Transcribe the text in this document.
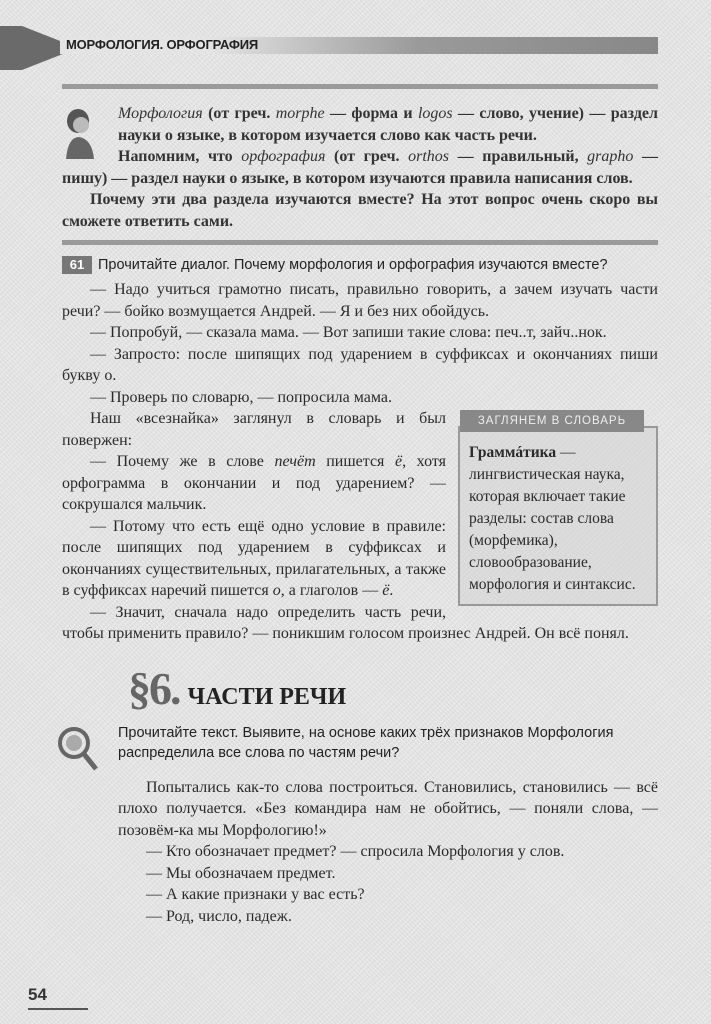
МОРФОЛОГИЯ. ОРФОГРАФИЯ

Морфология (от греч. morphe — форма и logos — слово, учение) — раздел науки о языке, в котором изучается слово как часть речи.

Напомним, что орфография (от греч. orthos — правильный, grapho — пишу) — раздел науки о языке, в котором изучаются правила написания слов.

Почему эти два раздела изучаются вместе? На этот вопрос очень скоро вы сможете ответить сами.

61 Прочитайте диалог. Почему морфология и орфография изучаются вместе?

— Надо учиться грамотно писать, правильно говорить, а зачем изучать части речи? — бойко возмущается Андрей. — Я и без них обойдусь.

— Попробуй, — сказала мама. — Вот запиши такие слова: печ..т, зайч..нок.

— Запросто: после шипящих под ударением в суффиксах и окончаниях пиши букву о.

— Проверь по словарю, — попросила мама.

ЗАГЛЯНЕМ В СЛОВАРЬ
Граммáтика — лингвистическая наука, которая включает такие разделы: состав слова (морфемика), словообразование, морфология и синтаксис.

Наш «всезнайка» заглянул в словарь и был повержен:

— Почему же в слове печёт пишется ё, хотя орфограмма в окончании и под ударением? — сокрушался мальчик.

— Потому что есть ещё одно условие в правиле: после шипящих под ударением в суффиксах и окончаниях существительных, прилагательных, а также в суффиксах наречий пишется о, а глаголов — ё.

— Значит, сначала надо определить часть речи, чтобы применить правило? — поникшим голосом произнес Андрей. Он всё понял.

§6. ЧАСТИ РЕЧИ
Прочитайте текст. Выявите, на основе каких трёх признаков Морфология распределила все слова по частям речи?

Попытались как-то слова построиться. Становились, становились — всё плохо получается. «Без командира нам не обойтись, — поняли слова, — позовём-ка мы Морфологию!»

— Кто обозначает предмет? — спросила Морфология у слов.

— Мы обозначаем предмет.

— А какие признаки у вас есть?

— Род, число, падеж.

54
